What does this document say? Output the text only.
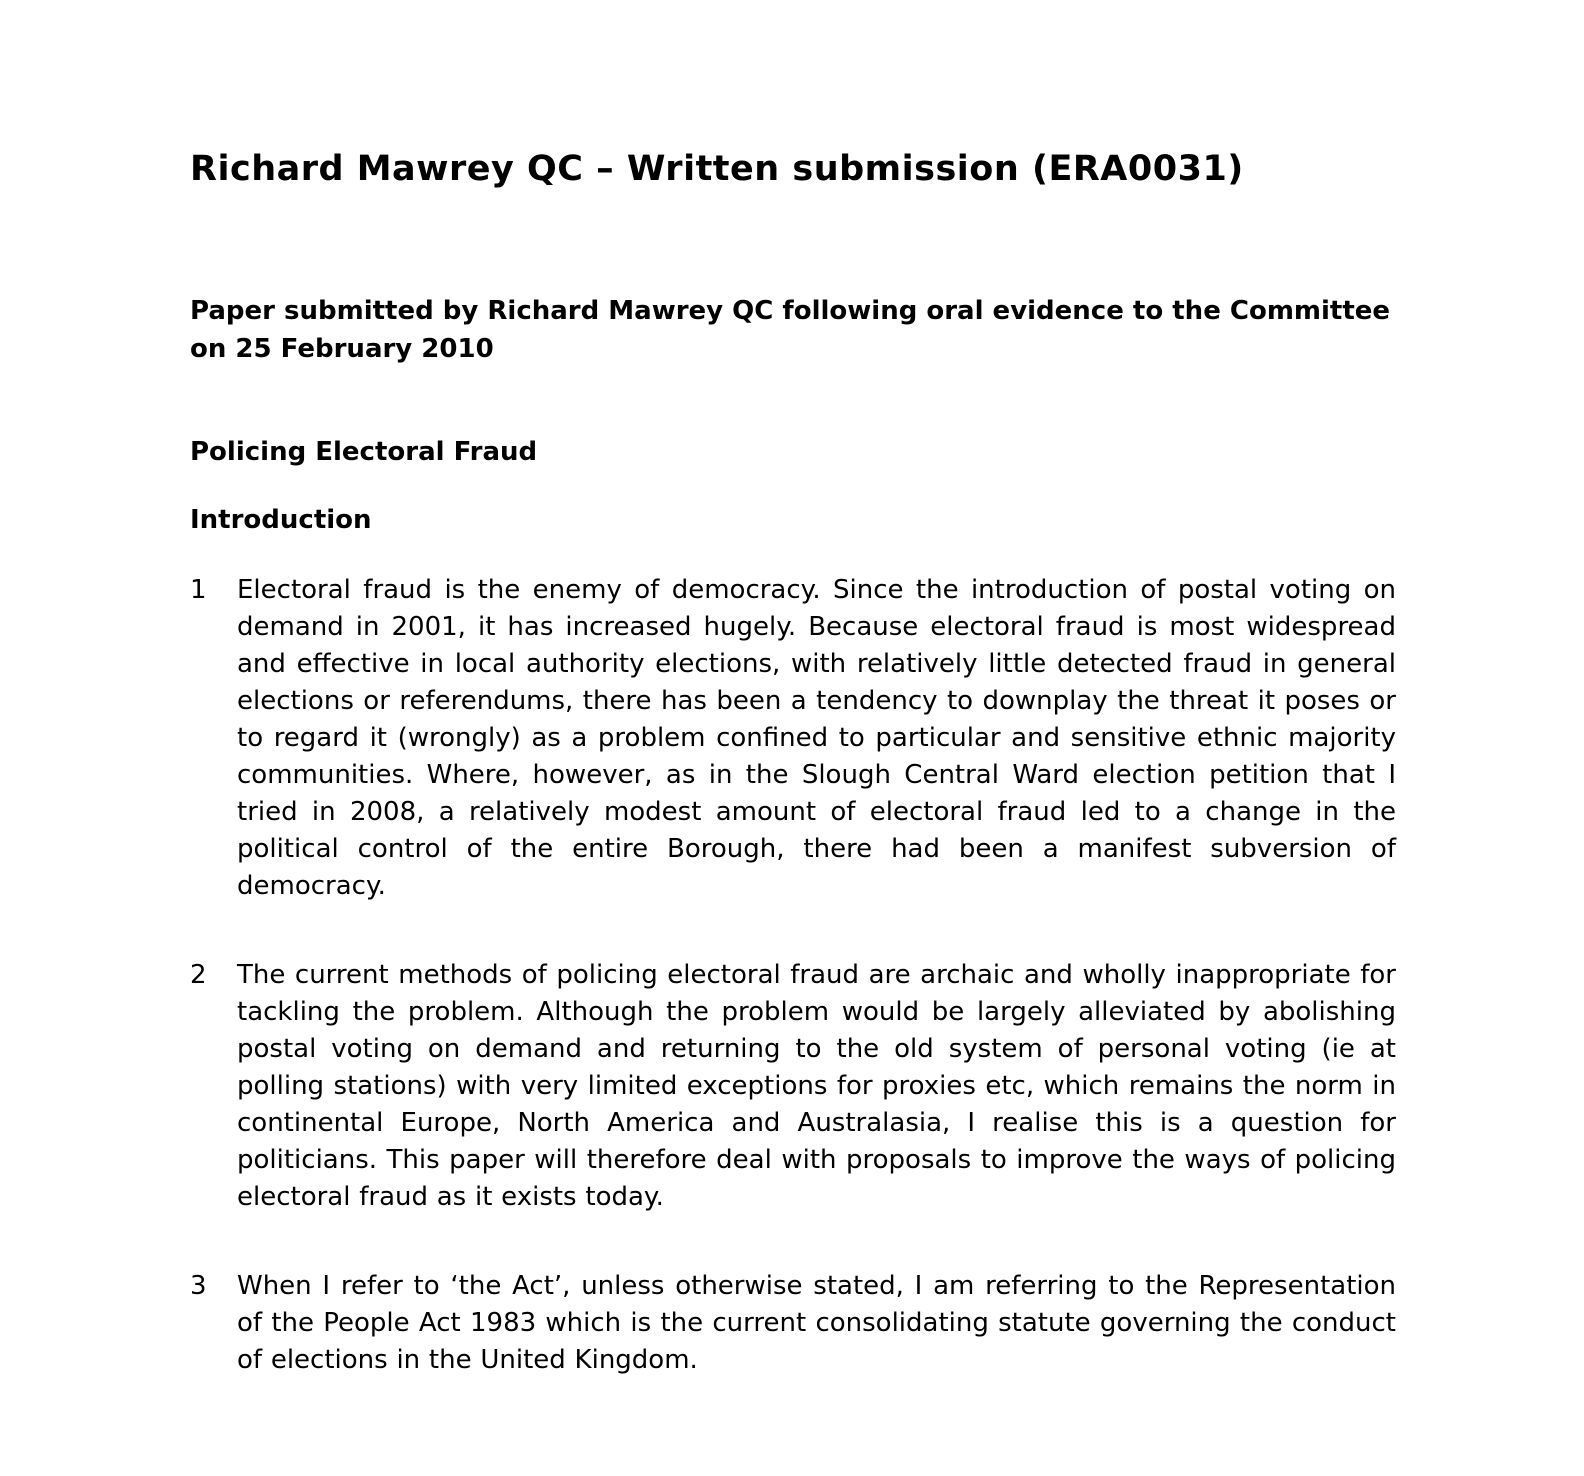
Richard Mawrey QC – Written submission (ERA0031)
Paper submitted by Richard Mawrey QC following oral evidence to the Committee on 25 February 2010
Policing Electoral Fraud
Introduction
1	Electoral fraud is the enemy of democracy. Since the introduction of postal voting on demand in 2001, it has increased hugely. Because electoral fraud is most widespread and effective in local authority elections, with relatively little detected fraud in general elections or referendums, there has been a tendency to downplay the threat it poses or to regard it (wrongly) as a problem confined to particular and sensitive ethnic majority communities. Where, however, as in the Slough Central Ward election petition that I tried in 2008, a relatively modest amount of electoral fraud led to a change in the political control of the entire Borough, there had been a manifest subversion of democracy.

2	The current methods of policing electoral fraud are archaic and wholly inappropriate for tackling the problem. Although the problem would be largely alleviated by abolishing postal voting on demand and returning to the old system of personal voting (ie at polling stations) with very limited exceptions for proxies etc, which remains the norm in continental Europe, North America and Australasia, I realise this is a question for politicians. This paper will therefore deal with proposals to improve the ways of policing electoral fraud as it exists today.

3	When I refer to ‘the Act’, unless otherwise stated, I am referring to the Representation of the People Act 1983 which is the current consolidating statute governing the conduct of elections in the United Kingdom.
